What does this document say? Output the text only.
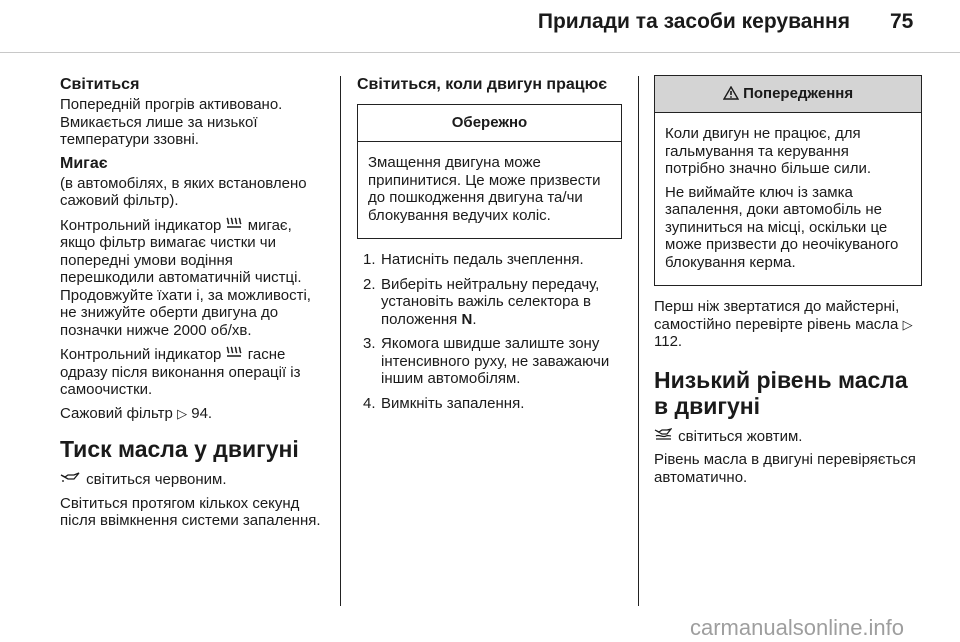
Прилади та засоби керування 75
Світиться

Попередній прогрів активовано. Вмикається лише за низької температури ззовні.

Мигає

(в автомобілях, в яких встановлено сажовий фільтр).

Контрольний індикатор мигає, якщо фільтр вимагає чистки чи попередні умови водіння перешкодили автоматичній чистці. Продовжуйте їхати і, за можливості, не знижуйте оберти двигуна до позначки нижче 2000 об/хв.

Контрольний індикатор гасне одразу після виконання операції із самоочистки.

Сажовий фільтр ▷ 94.

Тиск масла у двигуні

світиться червоним.

Світиться протягом кількох секунд після ввімкнення системи запалення.

Світиться, коли двигун працює
Обережно

Змащення двигуна може припинитися. Це може призвести до пошкодження двигуна та/чи блокування ведучих коліс.

1. Натисніть педаль зчеплення.
2. Виберіть нейтральну передачу, установіть важіль селектора в положення N.
3. Якомога швидше залиште зону інтенсивного руху, не заважаючи іншим автомобілям.
4. Вимкніть запалення.
Попередження

Коли двигун не працює, для гальмування та керування потрібно значно більше сили.

Не виймайте ключ із замка запалення, доки автомобіль не зупиниться на місці, оскільки це може призвести до неочікуваного блокування керма.

Перш ніж звертатися до майстерні, самостійно перевірте рівень масла ▷ 112.

Низький рівень масла в двигуні

світиться жовтим.

Рівень масла в двигуні перевіряється автоматично.

carmanualsonline.info
